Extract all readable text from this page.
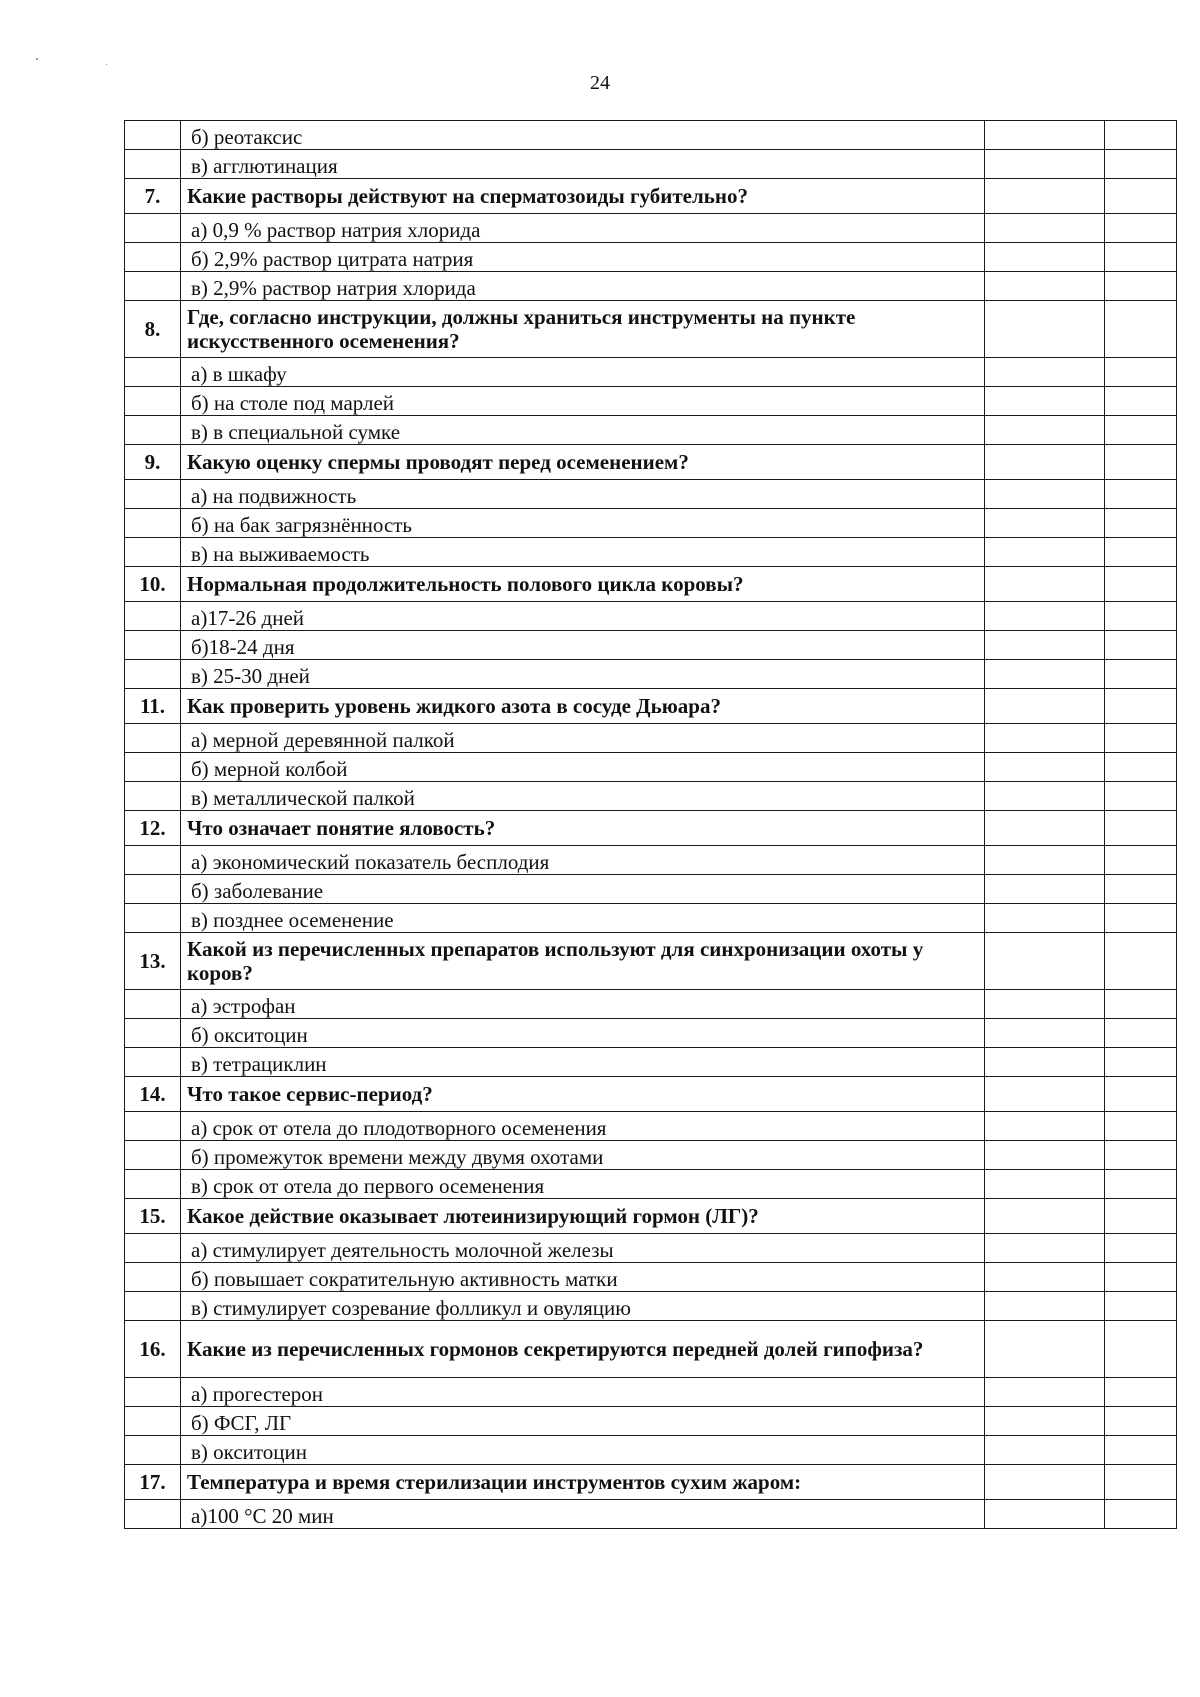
24
	б) реотаксис		
	в) агглютинация		
7.	Какие растворы действуют на сперматозоиды губительно?		
	а) 0,9 % раствор натрия хлорида		
	б) 2,9% раствор цитрата натрия		
	в) 2,9% раствор натрия хлорида		
8.	Где, согласно инструкции, должны храниться инструменты на пункте искусственного осеменения?		
	а) в шкафу		
	б) на столе под марлей		
	в) в специальной сумке		
9.	Какую оценку спермы проводят перед осеменением?		
	а) на подвижность		
	б) на бак загрязнённость		
	в) на выживаемость		
10.	Нормальная продолжительность полового цикла коровы?		
	а)17-26 дней		
	б)18-24 дня		
	в) 25-30 дней		
11.	Как проверить уровень жидкого азота в сосуде Дьюара?		
	а) мерной деревянной палкой		
	б) мерной колбой		
	в) металлической палкой		
12.	Что означает понятие яловость?		
	а) экономический показатель бесплодия		
	б) заболевание		
	в) позднее осеменение		
13.	Какой из перечисленных препаратов используют для синхронизации охоты у коров?		
	а) эстрофан		
	б) окситоцин		
	в) тетрациклин		
14.	Что такое сервис-период?		
	а) срок от отела до плодотворного осеменения		
	б) промежуток времени между двумя охотами		
	в) срок от отела до первого осеменения		
15.	Какое действие оказывает лютеинизирующий гормон (ЛГ)?		
	а) стимулирует деятельность молочной железы		
	б) повышает сократительную активность матки		
	в) стимулирует созревание фолликул и овуляцию		
16.	Какие из перечисленных гормонов секретируются передней долей гипофиза?		
	а) прогестерон		
	б) ФСГ, ЛГ		
	в) окситоцин		
17.	Температура и время стерилизации инструментов сухим жаром:		
	а)100 °С 20 мин		
